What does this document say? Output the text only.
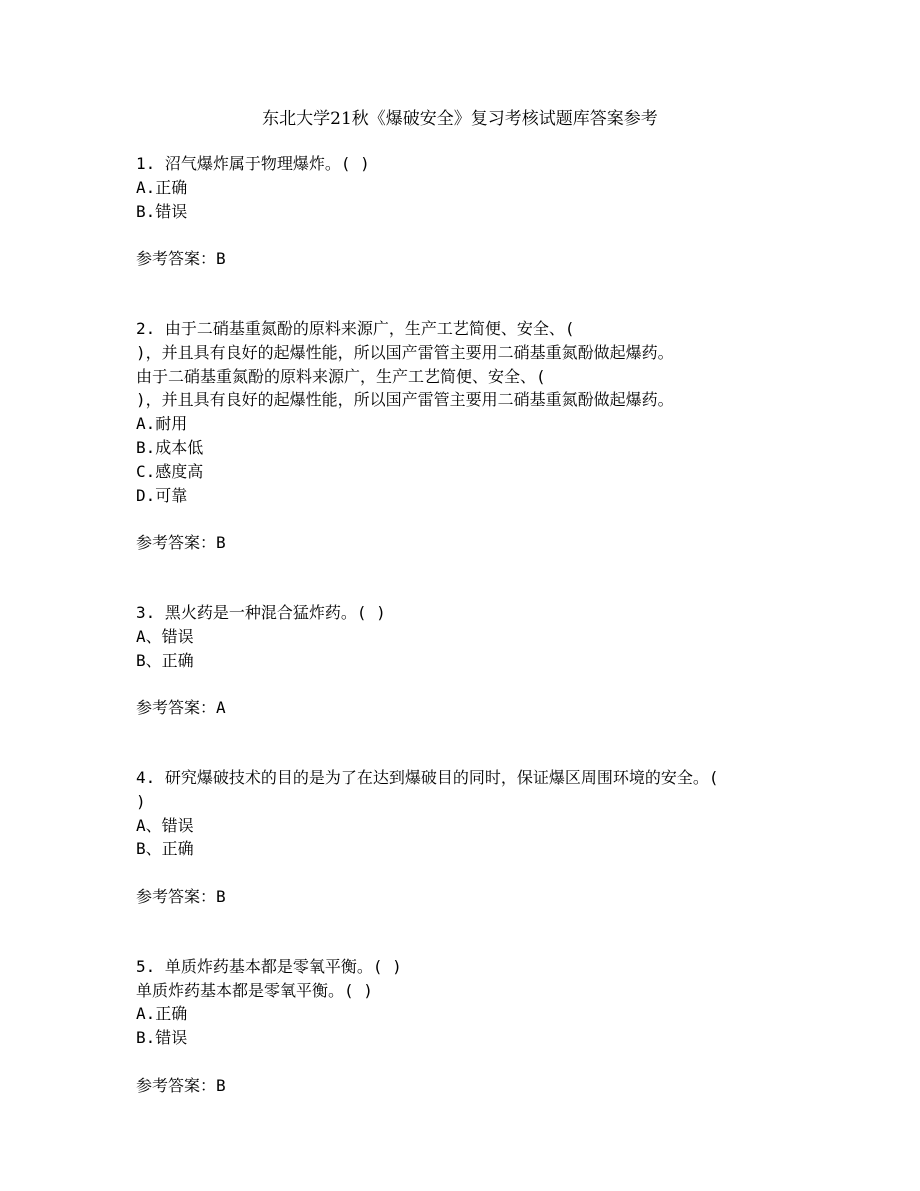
东北大学21秋《爆破安全》复习考核试题库答案参考
1. 沼气爆炸属于物理爆炸。( )
A.正确
B.错误
参考答案：B
2. 由于二硝基重氮酚的原料来源广，生产工艺简便、安全、(
)，并且具有良好的起爆性能，所以国产雷管主要用二硝基重氮酚做起爆药。
由于二硝基重氮酚的原料来源广，生产工艺简便、安全、(
)，并且具有良好的起爆性能，所以国产雷管主要用二硝基重氮酚做起爆药。
A.耐用
B.成本低
C.感度高
D.可靠
参考答案：B
3. 黑火药是一种混合猛炸药。( )
A、错误
B、正确
参考答案：A
4. 研究爆破技术的目的是为了在达到爆破目的同时，保证爆区周围环境的安全。(
)
A、错误
B、正确
参考答案：B
5. 单质炸药基本都是零氧平衡。( )
单质炸药基本都是零氧平衡。( )
A.正确
B.错误
参考答案：B
